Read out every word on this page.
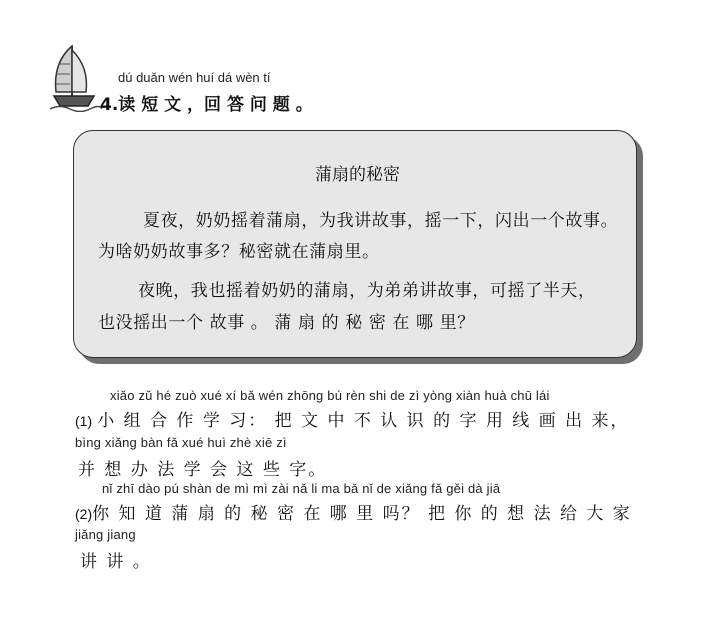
dú duǎn wén huí dá wèn tí
4.读 短 文 ，回 答 问 题 。
蒲扇的秘密
夏夜，奶奶摇着蒲扇，为我讲故事，摇一下，闪出一个故事。
为啥奶奶故事多？秘密就在蒲扇里。
夜晚，我也摇着奶奶的蒲扇，为弟弟讲故事，可摇了半天，
也没摇出一个 故事 。 蒲 扇 的 秘 密 在 哪 里？
xiǎo zǔ hé zuò xué xí bǎ wén zhōng bú rèn shi de zì yòng xiàn huà chū lái
(1) 小 组 合 作 学 习： 把 文 中 不 认 识 的 字 用 线 画 出 来，
bìng xiǎng bàn fǎ xué huì zhè xiē zì
并 想 办 法 学 会 这 些 字。
nǐ zhī dào pú shàn de mì mì zài nǎ li ma bǎ nǐ de xiǎng fǎ gěi dà jiā
(2)你 知 道 蒲 扇 的 秘 密 在 哪 里 吗？ 把 你 的 想 法 给 大 家
jiǎng jiang
讲 讲 。
